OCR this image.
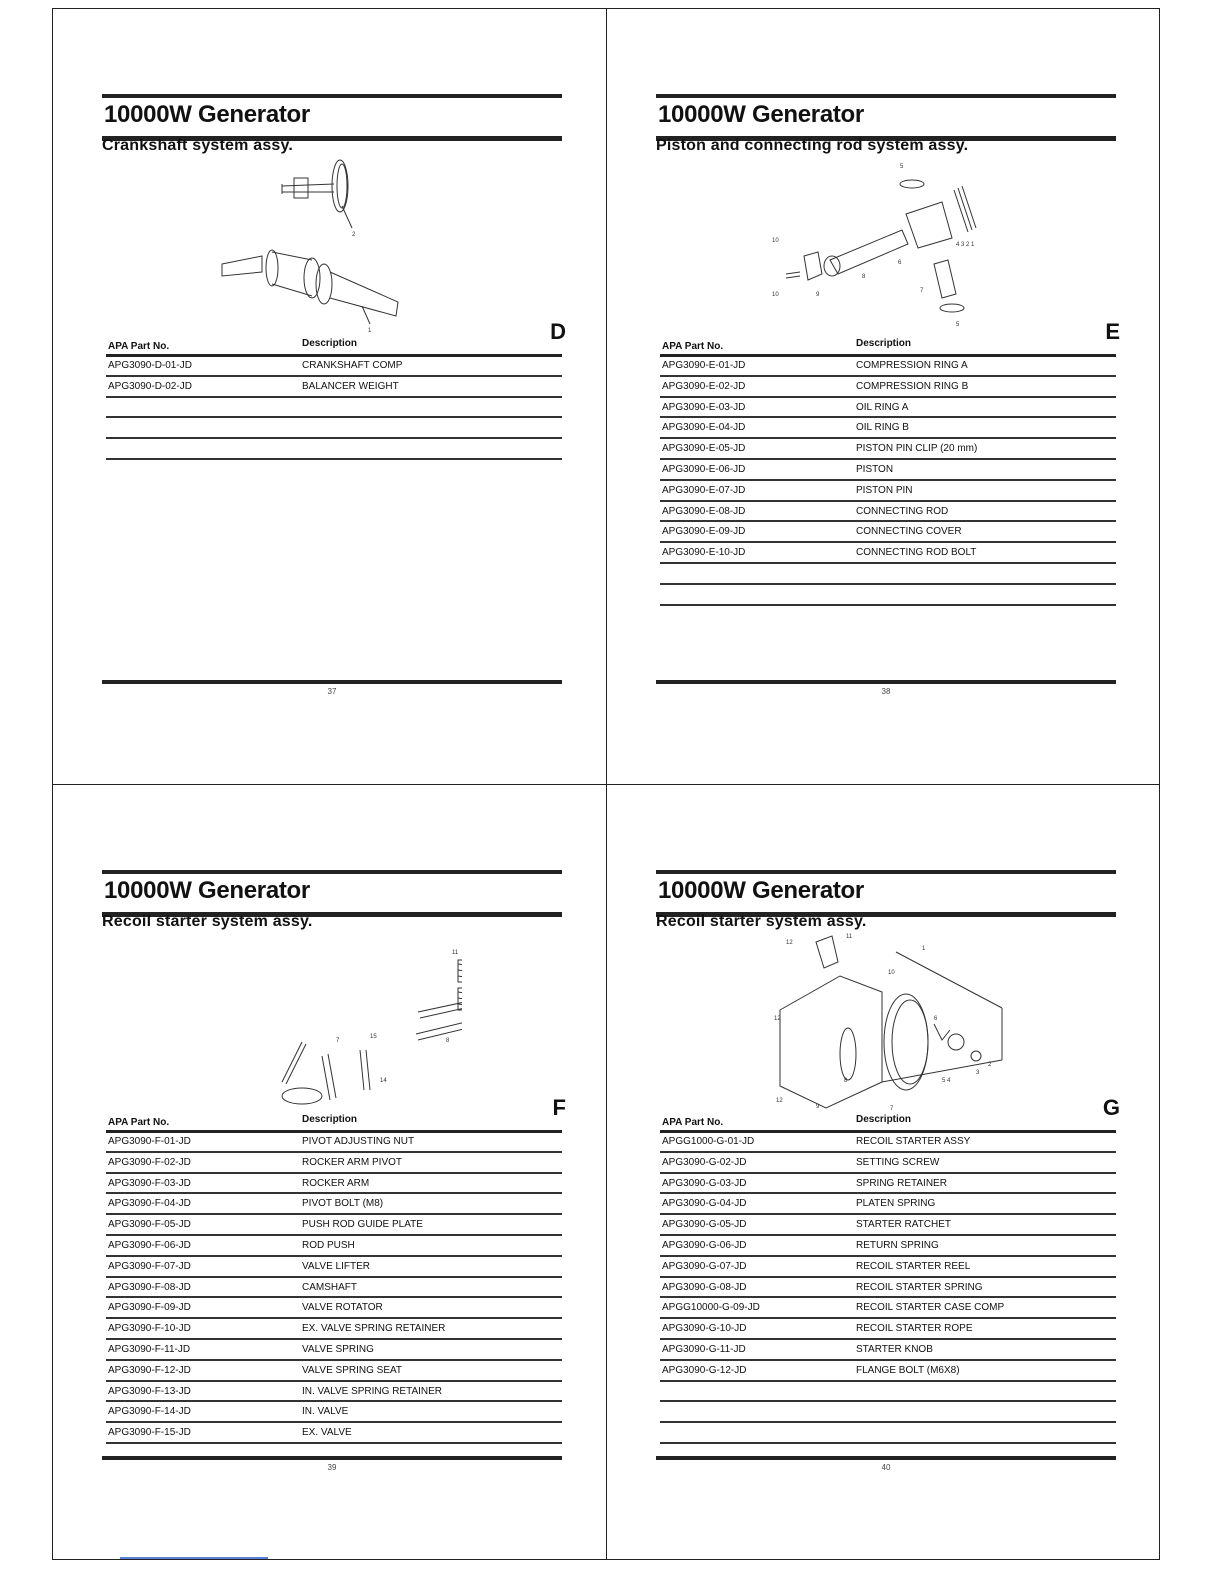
10000W Generator
Crankshaft system assy.
2
1	D
APA Part No.	Description
APG3090-D-01-JD	CRANKSHAFT COMP
APG3090-D-02-JD	BALANCER WEIGHT
37
10000W Generator
Piston and connecting rod system assy.
5
4 3 2 1
10
10	9
8
6
7
5	E
APA Part No.	Description
APG3090-E-01-JD	COMPRESSION RING A
APG3090-E-02-JD	COMPRESSION RING B
APG3090-E-03-JD	OIL RING A
APG3090-E-04-JD	OIL RING B
APG3090-E-05-JD	PISTON PIN CLIP (20 mm)
APG3090-E-06-JD	PISTON
APG3090-E-07-JD	PISTON PIN
APG3090-E-08-JD	CONNECTING ROD
APG3090-E-09-JD	CONNECTING COVER
APG3090-E-10-JD	CONNECTING ROD BOLT
38
10000W Generator
Recoil starter system assy.
7
15
14
11
8
F
APA Part No.	Description
APG3090-F-01-JD	PIVOT ADJUSTING NUT
APG3090-F-02-JD	ROCKER ARM PIVOT
APG3090-F-03-JD	ROCKER ARM
APG3090-F-04-JD	PIVOT BOLT (M8)
APG3090-F-05-JD	PUSH ROD GUIDE PLATE
APG3090-F-06-JD	ROD PUSH
APG3090-F-07-JD	VALVE LIFTER
APG3090-F-08-JD	CAMSHAFT
APG3090-F-09-JD	VALVE ROTATOR
APG3090-F-10-JD	EX. VALVE SPRING RETAINER
APG3090-F-11-JD	VALVE SPRING
APG3090-F-12-JD	VALVE SPRING SEAT
APG3090-F-13-JD	IN. VALVE SPRING RETAINER
APG3090-F-14-JD	IN. VALVE
APG3090-F-15-JD	EX. VALVE
39
10000W Generator
Recoil starter system assy.
12
11
1
10
12
12
9
8
7
6
5 4
3
2
G
APA Part No.	Description
APGG1000-G-01-JD	RECOIL STARTER ASSY
APG3090-G-02-JD	SETTING SCREW
APG3090-G-03-JD	SPRING RETAINER
APG3090-G-04-JD	PLATEN SPRING
APG3090-G-05-JD	STARTER RATCHET
APG3090-G-06-JD	RETURN SPRING
APG3090-G-07-JD	RECOIL STARTER REEL
APG3090-G-08-JD	RECOIL STARTER SPRING
APGG10000-G-09-JD	RECOIL STARTER CASE COMP
APG3090-G-10-JD	RECOIL STARTER ROPE
APG3090-G-11-JD	STARTER KNOB
APG3090-G-12-JD	FLANGE BOLT (M6X8)
40
